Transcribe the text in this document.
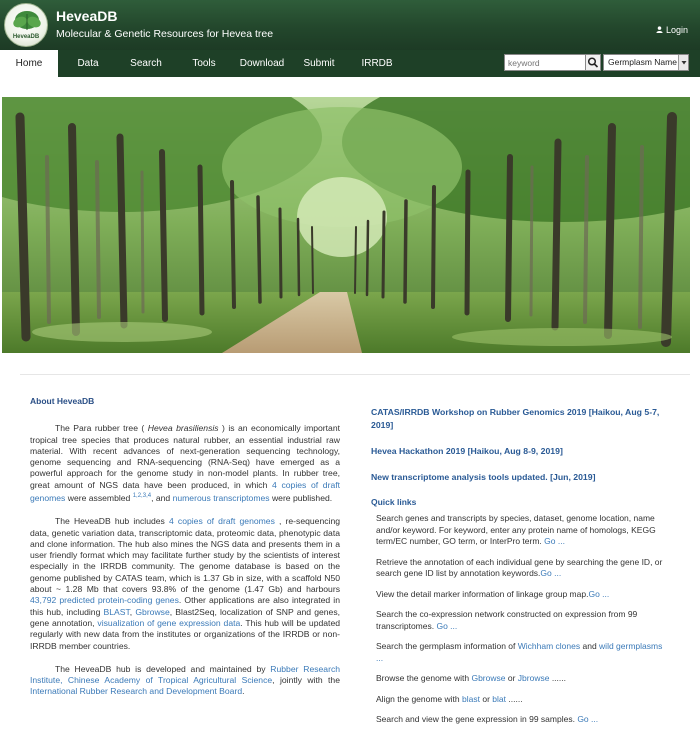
HeveaDB
HeveaDB
Molecular & Genetic Resources for Hevea tree	Login
Home	Data	Search	Tools	Download	Submit	IRRDB
keyword	Germplasm Name
About HeveaDB

The Para rubber tree ( Hevea brasiliensis ) is an economically important tropical tree species that produces natural rubber, an essential industrial raw material. With recent advances of next-generation sequencing technology, genome sequencing and RNA-sequencing (RNA-Seq) have emerged as a powerful approach for the genome study in non-model plants. In rubber tree, great amount of NGS data have been produced, in which 4 copies of draft genomes were assembled $^{1,2,3,4}$, and numerous transcriptomes were published.

The HeveaDB hub includes 4 copies of draft genomes , re-sequencing data, genetic variation data, transcriptomic data, proteomic data, phenotypic data and clone information. The hub also mines the NGS data and presents them in a user friendly format which may facilitate further study by the scientists of interest especially in the IRRDB community. The genome database is based on the genome published by CATAS team, which is 1.37 Gb in size, with a scaffold N50 about ~ 1.28 Mb that covers 93.8% of the genome (1.47 Gb) and harbours 43,792 predicted protein-coding genes. Other applications are also integrated in this hub, including BLAST, Gbrowse, Blast2Seq, localization of SNP and genes, gene annotation, visualization of gene expression data. This hub will be updated regularly with new data from the institutes or organizations of the IRRDB or non-IRRDB member countries.

The HeveaDB hub is developed and maintained by Rubber Research Institute, Chinese Academy of Tropical Agricultural Science, jointly with the International Rubber Research and Development Board.

CATAS/IRRDB Workshop on Rubber Genomics 2019 [Haikou, Aug 5-7, 2019]
Hevea Hackathon 2019 [Haikou, Aug 8-9, 2019]
New transcriptome analysis tools updated. [Jun, 2019]
Quick links
Search genes and transcripts by species, dataset, genome location, name and/or keyword. For keyword, enter any protein name of homologs, KEGG term/EC number, GO term, or InterPro term. Go ...
Retrieve the annotation of each individual gene by searching the gene ID, or search gene ID list by annotation keywords.Go ...
View the detail marker information of linkage group map.Go ...
Search the co-expression network constructed on expression from 99 transcriptomes. Go ...
Search the germplasm information of Wichham clones and wild germplasms ...
Browse the genome with Gbrowse or Jbrowse ......
Align the genome with blast or blat ......
Search and view the gene expression in 99 samples. Go ...
